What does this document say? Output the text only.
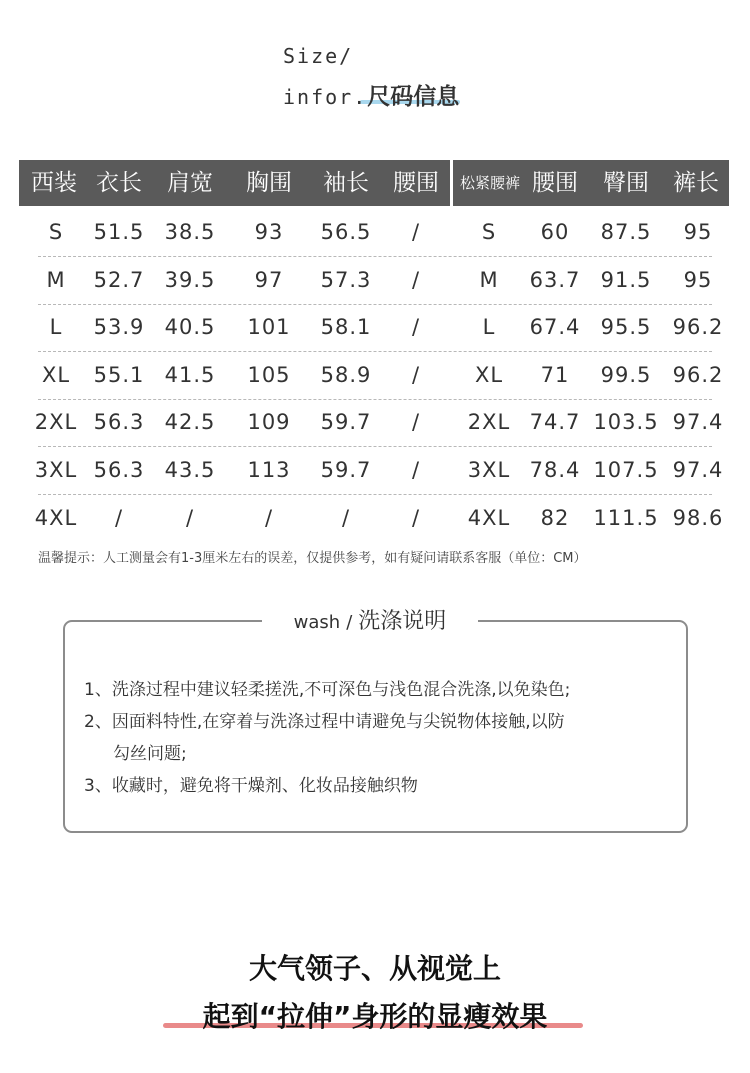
Size/
infor.尺码信息
西装 衣长	肩宽	胸围	袖长	腰围	松紧腰裤 腰围	臀围	裤长
S	51.5 38.5	93	56.5	/	S	60	87.5	95
M	52.7 39.5	97	57.3	/	M	63.7 91.5	95
L	53.9 40.5	101	58.1	/	L	67.4 95.5	96.2
XL	55.1 41.5	105	58.9	/	XL	71	99.5	96.2
2XL 56.3 42.5	109	59.7	/	2XL 74.7 103.5 97.4
3XL 56.3 43.5	113	59.7	/	3XL 78.4 107.5 97.4
4XL	/	/	/	/	/	4XL	82	111.5 98.6
温馨提示：人工测量会有1-3厘米左右的误差，仅提供参考，如有疑问请联系客服（单位：CM）
wash / 洗涤说明
1、洗涤过程中建议轻柔搓洗,不可深色与浅色混合洗涤,以免染色;
2、因面料特性,在穿着与洗涤过程中请避免与尖锐物体接触,以防
勾丝问题;
3、收藏时，避免将干燥剂、化妆品接触织物
大气领子、从视觉上
起到“拉伸”身形的显瘦效果
